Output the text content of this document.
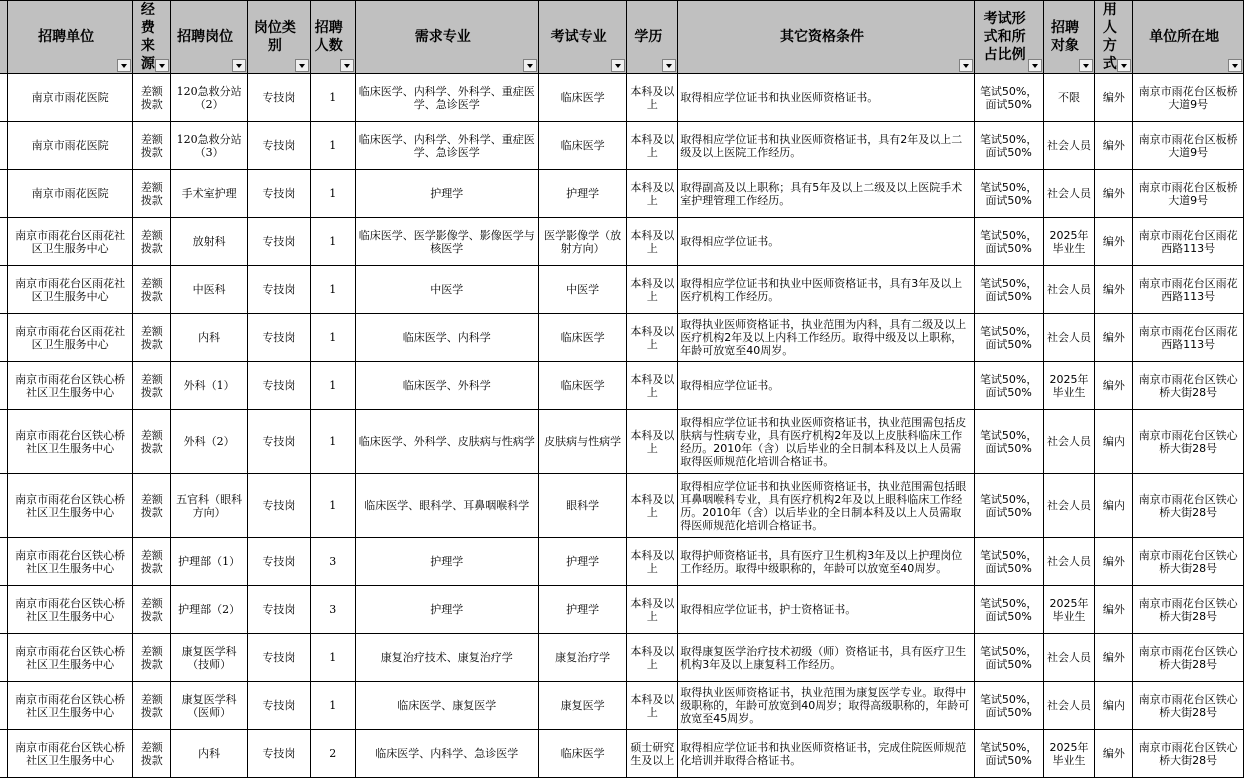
	招聘单位	经费来源	招聘岗位	岗位类别	招聘人数	需求专业	考试专业	学历	其它资格条件	考试形式和所占比例	招聘对象	用人方式	单位所在地

	南京市雨花医院	差额拨款	120急救分站（2）	专技岗	1	临床医学、内科学、外科学、重症医学、急诊医学	临床医学	本科及以上	取得相应学位证书和执业医师资格证书。	笔试50%，面试50%	不限	编外	南京市雨花台区板桥大道9号
	南京市雨花医院	差额拨款	120急救分站（3）	专技岗	1	临床医学、内科学、外科学、重症医学、急诊医学	临床医学	本科及以上	取得相应学位证书和执业医师资格证书，具有2年及以上二级及以上医院工作经历。	笔试50%，面试50%	社会人员	编外	南京市雨花台区板桥大道9号
	南京市雨花医院	差额拨款	手术室护理	专技岗	1	护理学	护理学	本科及以上	取得副高及以上职称；具有5年及以上二级及以上医院手术室护理管理工作经历。	笔试50%，面试50%	社会人员	编外	南京市雨花台区板桥大道9号
	南京市雨花台区雨花社区卫生服务中心	差额拨款	放射科	专技岗	1	临床医学、医学影像学、影像医学与核医学	医学影像学（放射方向）	本科及以上	取得相应学位证书。	笔试50%，面试50%	2025年毕业生	编外	南京市雨花台区雨花西路113号
	南京市雨花台区雨花社区卫生服务中心	差额拨款	中医科	专技岗	1	中医学	中医学	本科及以上	取得相应学位证书和执业中医师资格证书，具有3年及以上医疗机构工作经历。	笔试50%，面试50%	社会人员	编外	南京市雨花台区雨花西路113号
	南京市雨花台区雨花社区卫生服务中心	差额拨款	内科	专技岗	1	临床医学、内科学	临床医学	本科及以上	取得执业医师资格证书，执业范围为内科，具有二级及以上医疗机构2年及以上内科工作经历。取得中级及以上职称，年龄可放宽至40周岁。	笔试50%，面试50%	社会人员	编外	南京市雨花台区雨花西路113号
	南京市雨花台区铁心桥社区卫生服务中心	差额拨款	外科（1）	专技岗	1	临床医学、外科学	临床医学	本科及以上	取得相应学位证书。	笔试50%，面试50%	2025年毕业生	编外	南京市雨花台区铁心桥大街28号
	南京市雨花台区铁心桥社区卫生服务中心	差额拨款	外科（2）	专技岗	1	临床医学、外科学、皮肤病与性病学	皮肤病与性病学	本科及以上	取得相应学位证书和执业医师资格证书，执业范围需包括皮肤病与性病专业，具有医疗机构2年及以上皮肤科临床工作经历。2010年（含）以后毕业的全日制本科及以上人员需取得医师规范化培训合格证书。	笔试50%，面试50%	社会人员	编内	南京市雨花台区铁心桥大街28号
	南京市雨花台区铁心桥社区卫生服务中心	差额拨款	五官科（眼科方向）	专技岗	1	临床医学、眼科学、耳鼻咽喉科学	眼科学	本科及以上	取得相应学位证书和执业医师资格证书，执业范围需包括眼耳鼻咽喉科专业，具有医疗机构2年及以上眼科临床工作经历。2010年（含）以后毕业的全日制本科及以上人员需取得医师规范化培训合格证书。	笔试50%，面试50%	社会人员	编内	南京市雨花台区铁心桥大街28号
	南京市雨花台区铁心桥社区卫生服务中心	差额拨款	护理部（1）	专技岗	3	护理学	护理学	本科及以上	取得护师资格证书，具有医疗卫生机构3年及以上护理岗位工作经历。取得中级职称的，年龄可以放宽至40周岁。	笔试50%，面试50%	社会人员	编外	南京市雨花台区铁心桥大街28号
	南京市雨花台区铁心桥社区卫生服务中心	差额拨款	护理部（2）	专技岗	3	护理学	护理学	本科及以上	取得相应学位证书，护士资格证书。	笔试50%，面试50%	2025年毕业生	编外	南京市雨花台区铁心桥大街28号
	南京市雨花台区铁心桥社区卫生服务中心	差额拨款	康复医学科（技师）	专技岗	1	康复治疗技术、康复治疗学	康复治疗学	本科及以上	取得康复医学治疗技术初级（师）资格证书，具有医疗卫生机构3年及以上康复科工作经历。	笔试50%，面试50%	社会人员	编外	南京市雨花台区铁心桥大街28号
	南京市雨花台区铁心桥社区卫生服务中心	差额拨款	康复医学科（医师）	专技岗	1	临床医学、康复医学	康复医学	本科及以上	取得执业医师资格证书，执业范围为康复医学专业。取得中级职称的，年龄可放宽到40周岁；取得高级职称的，年龄可放宽至45周岁。	笔试50%，面试50%	社会人员	编内	南京市雨花台区铁心桥大街28号
	南京市雨花台区铁心桥社区卫生服务中心	差额拨款	内科	专技岗	2	临床医学、内科学、急诊医学	临床医学	硕士研究生及以上	取得相应学位证书和执业医师资格证书，完成住院医师规范化培训并取得合格证书。	笔试50%，面试50%	2025年毕业生	编外	南京市雨花台区铁心桥大街28号
